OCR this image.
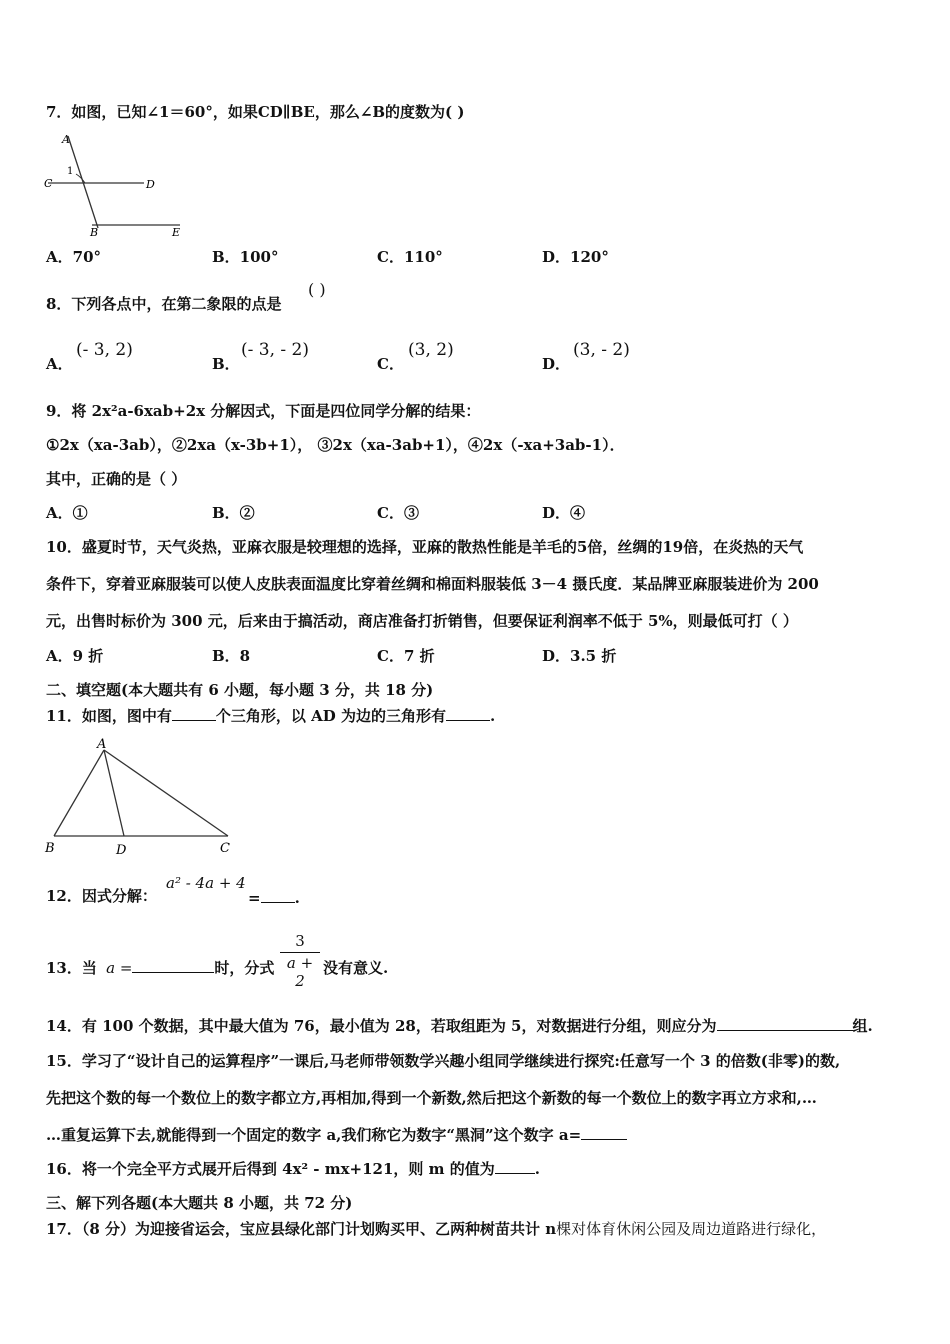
7．如图，已知∠1＝60°，如果CD∥BE，那么∠B的度数为( )
A
1
C	D
B	E
A．70°	B．100°	C．110°	D．120°
8．下列各点中，在第二象限的点是
( )
A．
(- 3, 2)
B．
(- 3, - 2)
C．
(3, 2)
D．
(3, - 2)
9．将 2x²a-6xab+2x 分解因式，下面是四位同学分解的结果：
①2x（xa-3ab），②2xa（x-3b+1）， ③2x（xa-3ab+1），④2x（-xa+3ab-1）．
其中，正确的是（ ）
A．①	B．②	C．③	D．④
10．盛夏时节，天气炎热，亚麻衣服是较理想的选择，亚麻的散热性能是羊毛的5倍，丝绸的19倍，在炎热的天气
条件下，穿着亚麻服装可以使人皮肤表面温度比穿着丝绸和棉面料服装低 3－4 摄氏度．某品牌亚麻服装进价为 200
元，出售时标价为 300 元，后来由于搞活动，商店准备打折销售，但要保证利润率不低于 5%，则最低可打（ ）
A．9 折	B．8	C．7 折	D．3.5 折
二、填空题(本大题共有 6 小题，每小题 3 分，共 18 分)
11．如图，图中有	个三角形，以 AD 为边的三角形有	.
A
B	D	C
12．因式分解：
a² - 4a + 4
= .
13．当 a =	时，分式 $\frac{3}{a + 2}$ 没有意义.
14．有 100 个数据，其中最大值为 76，最小值为 28，若取组距为 5，对数据进行分组，则应分为	组.
15．学习了“设计自己的运算程序”一课后,马老师带领数学兴趣小组同学继续进行探究:任意写一个 3 的倍数(非零)的数,
先把这个数的每一个数位上的数字都立方,再相加,得到一个新数,然后把这个新数的每一个数位上的数字再立方求和,…
…重复运算下去,就能得到一个固定的数字 a,我们称它为数字“黑洞”这个数字 a=
16．将一个完全平方式展开后得到 4x² - mx+121，则 m 的值为	.
三、解下列各题(本大题共 8 小题，共 72 分)
17．（8 分）为迎接省运会，宝应县绿化部门计划购买甲、乙两种树苗共计 n棵对体育休闲公园及周边道路进行绿化，
